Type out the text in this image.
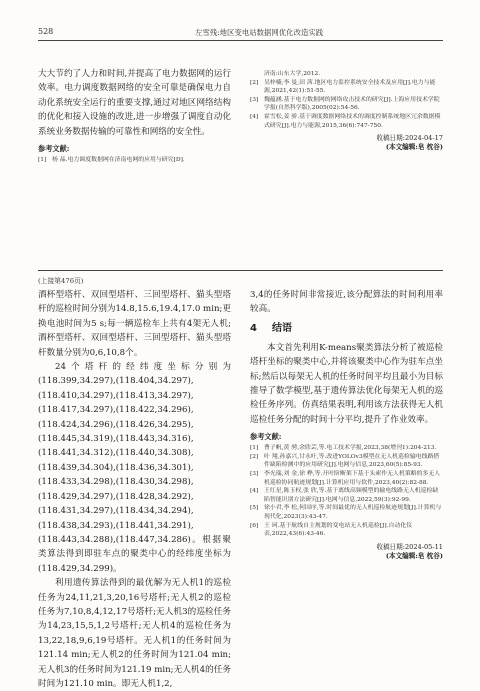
528	左雪残:地区变电站数据网优化改造实践

大大节约了人力和时间,并提高了电力数据网的运行效率。电力调度数据网络的安全可靠是确保电力自动化系统安全运行的重要支撑,通过对地区网络结构的优化和接入设施的改进,进一步增强了调度自动化系统业务数据传输的可靠性和网络的安全性。

参考文献:
[1] 杨 晶.电力调度数据网在济南电网的应用与研究[D].
济南:山东大学,2012.
[2] 吴梓楠,李 曼,田 茜.地区电力监控系统安全技术及应用[J].电力与能源,2021,42(1):51-55.
[3] 魏蕴涵.基于电力数据网的网络攻击技术的研究[J].上海应用技术学院学报(自然科学版),2005(02):54-56.
[4] 霍雪松,姜 骄.基于调度数据网络技术的调度控制系统地区冗余数据模式研究[J].电力与能源,2015,36(6):747-750.
收稿日期:2024-04-17
(本文编辑:皂 枕谷)
(上接第476页)

酒杯型塔杆、双回型塔杆、三回型塔杆、猫头型塔杆的巡检时间分别为14.8,15.6,19.4,17.0 min;更换电池时间为5 s;每一辆巡检车上共有4架无人机;酒杯型塔杆、双回型塔杆、三回型塔杆、猫头型塔杆数量分别为0,6,10,8个。

24个塔杆的经纬度坐标分别为(118.399,34.297),(118.404,34.297),(118.410,34.297),(118.413,34.297),(118.417,34.297),(118.422,34.296),(118.424,34.296),(118.426,34.295),(118.445,34.319),(118.443,34.316),(118.441,34.312),(118.440,34.308),(118.439,34.304),(118.436,34.301),(118.433,34.298),(118.430,34.298),(118.429,34.297),(118.428,34.292),(118.431,34.297),(118.434,34.294),(118.438,34.293),(118.441,34.291),(118.443,34.288),(118.447,34.286)。根据聚类算法得到即驻车点的聚类中心的经纬度坐标为(118.429,34.299)。

利用遗传算法得到的最优解为无人机1的巡检任务为24,11,21,3,20,16号塔杆;无人机2的巡检任务为7,10,8,4,12,17号塔杆;无人机3的巡检任务为14,23,15,5,1,2号塔杆;无人机4的巡检任务为13,22,18,9,6,19号塔杆。无人机1的任务时间为121.14 min;无人机2的任务时间为121.04 min;无人机3的任务时间为121.19 min;无人机4的任务时间为121.10 min。即无人机1,2,

3,4的任务时间非常接近,该分配算法的时间利用率较高。

4	结语

本文首先利用K-means聚类算法分析了被巡检塔杆坐标的聚类中心,并将该聚类中心作为驻车点坐标;然后以每架无人机的任务时间平均且最小为目标推导了数学模型,基于遗传算法优化每架无人机的巡检任务序列。仿真结果表明,利用该方法获得无人机巡检任务分配的时间十分平均,提升了作业效率。

参考文献:
[1] 曹子帆,黄 骋,余欣芸,等.电工技术学报,2023,38(增刊1):204-213.
[2] 叶 翔,孙嘉兴,甘永叶,等.改进YOLOv3模型在无人机巡检输电线路搭件缺陷检测中的应用研究[J].电网与信息,2023,60(5):85-93.
[3] 李光瑞,刘 金,徐 桦,等.开叶阶断架下基于头索作无人机策略的多无人机巡检协同航迹规划[J].计算机应用与软件,2023,40(2):82-88.
[4] 王红星,陈玉权,张 欣,等.基于离线高频模型的输电线路无人机巡检缺陷智能识别方法研究[J].电网与信息,2022,59(3):92-99.
[5] 徐小君,李 松,何国序,等.时间最优的无人机巡检航迹规划[J].计算机与现代化,2023(3):43-47.
[6] 王 珂.基于航线自主规划的变电站无人机巡检[J].自动化仪表,2022,43(6):43-46.
收稿日期:2024-05-11
(本文编辑:皂 枕谷)
